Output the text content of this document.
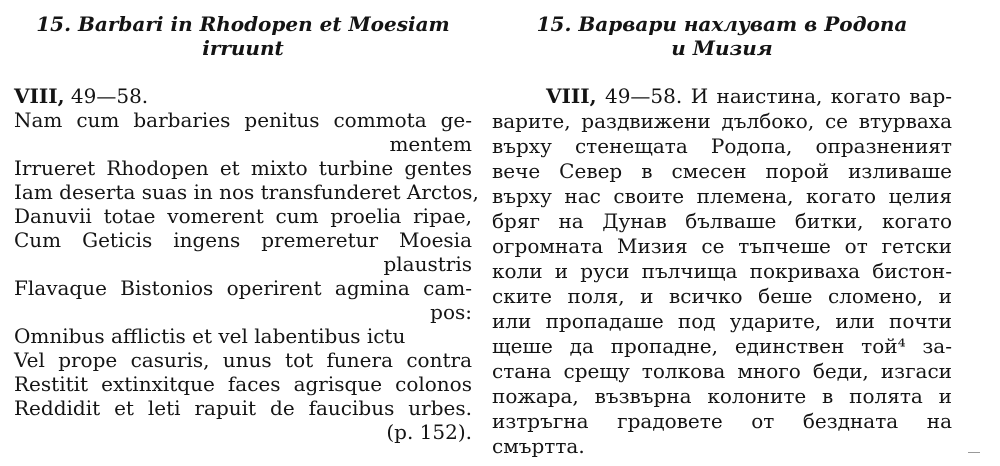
15. Barbari in Rhodopen et Moesiam
irruunt
VIII, 49—58.
Nam cum barbaries penitus commota ge-
mentem
Irrueret Rhodopen et mixto turbine gentes
Iam deserta suas in nos transfunderet Arctos,
Danuvii totae vomerent cum proelia ripae,
Cum Geticis ingens premeretur Moesia
plaustris
Flavaque Bistonios operirent agmina cam-
pos:
Omnibus afflictis et vel labentibus ictu
Vel prope casuris, unus tot funera contra
Restitit extinxitque faces agrisque colonos
Reddidit et leti rapuit de faucibus urbes.
(p. 152).
15. Варвари нахлуват в Родопа
и Мизия
VIII, 49—58. И наистина, когато вар-
варите, раздвижени дълбоко, се втурваха
върху стенещата Родопа, опразненият
вече Север в смесен порой изливаше
върху нас своите племена, когато целия
бряг на Дунав бълваше битки, когато
огромната Мизия се тъпчеше от гетски
коли и руси пълчища покриваха бистон-
ските поля, и всичко беше сломено, и
или пропадаше под ударите, или почти
щеше да пропадне, единствен той⁴ за-
стана срещу толкова много беди, изгаси
пожара, възвърна колоните в полята и
изтръгна градовете от бездната на
смъртта.
